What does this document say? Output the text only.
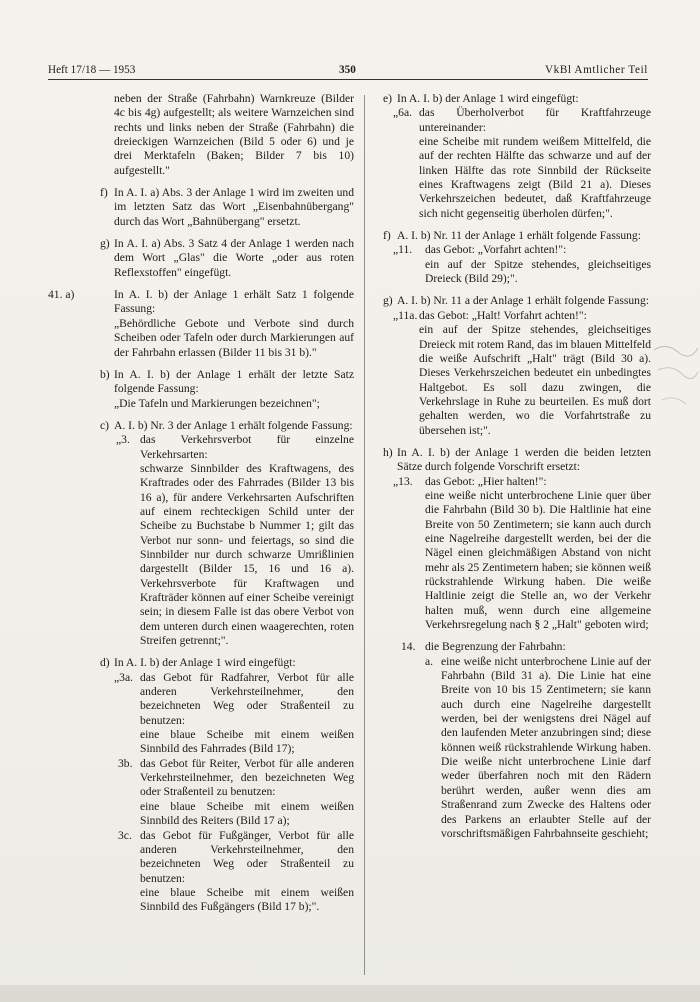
Heft 17/18 — 1953	350	VkBl Amtlicher Teil
neben der Straße (Fahrbahn) Warnkreuze (Bilder 4c bis 4g) aufgestellt; als weitere Warnzeichen sind rechts und links neben der Straße (Fahrbahn) die dreieckigen Warnzeichen (Bild 5 oder 6) und je drei Merktafeln (Baken; Bilder 7 bis 10) aufgestellt."
f) In A. I. a) Abs. 3 der Anlage 1 wird im zweiten und im letzten Satz das Wort „Eisenbahnübergang" durch das Wort „Bahnübergang" ersetzt.
g) In A. I. a) Abs. 3 Satz 4 der Anlage 1 werden nach dem Wort „Glas" die Worte „oder aus roten Reflexstoffen" eingefügt.
41. a)	In A. I. b) der Anlage 1 erhält Satz 1 folgende Fassung:
„Behördliche Gebote und Verbote sind durch Scheiben oder Tafeln oder durch Markierungen auf der Fahrbahn erlassen (Bilder 11 bis 31 b)."
b) In A. I. b) der Anlage 1 erhält der letzte Satz folgende Fassung:
„Die Tafeln und Markierungen bezeichnen";
c) A. I. b) Nr. 3 der Anlage 1 erhält folgende Fassung:
„3. das Verkehrsverbot für einzelne Verkehrsarten:
schwarze Sinnbilder des Kraftwagens, des Kraftrades oder des Fahrrades (Bilder 13 bis 16 a), für andere Verkehrsarten Aufschriften auf einem rechteckigen Schild unter der Scheibe zu Buchstabe b Nummer 1; gilt das Verbot nur sonn- und feiertags, so sind die Sinnbilder nur durch schwarze Umrißlinien dargestellt (Bilder 15, 16 und 16 a). Verkehrsverbote für Kraftwagen und Krafträder können auf einer Scheibe vereinigt sein; in diesem Falle ist das obere Verbot von dem unteren durch einen waagerechten, roten Streifen getrennt;".
d) In A. I. b) der Anlage 1 wird eingefügt:
„3a. das Gebot für Radfahrer, Verbot für alle anderen Verkehrsteilnehmer, den bezeichneten Weg oder Straßenteil zu benutzen:
eine blaue Scheibe mit einem weißen Sinnbild des Fahrrades (Bild 17);
3b. das Gebot für Reiter, Verbot für alle anderen Verkehrsteilnehmer, den bezeichneten Weg oder Straßenteil zu benutzen:
eine blaue Scheibe mit einem weißen Sinnbild des Reiters (Bild 17 a);
3c. das Gebot für Fußgänger, Verbot für alle anderen Verkehrsteilnehmer, den bezeichneten Weg oder Straßenteil zu benutzen:
eine blaue Scheibe mit einem weißen Sinnbild des Fußgängers (Bild 17 b);".
e) In A. I. b) der Anlage 1 wird eingefügt:
„6a. das Überholverbot für Kraftfahrzeuge untereinander:
eine Scheibe mit rundem weißem Mittelfeld, die auf der rechten Hälfte das schwarze und auf der linken Hälfte das rote Sinnbild der Rückseite eines Kraftwagens zeigt (Bild 21 a). Dieses Verkehrszeichen bedeutet, daß Kraftfahrzeuge sich nicht gegenseitig überholen dürfen;".
f) A. I. b) Nr. 11 der Anlage 1 erhält folgende Fassung:
„11. das Gebot: „Vorfahrt achten!":
ein auf der Spitze stehendes, gleichseitiges Dreieck (Bild 29);".
g) A. I. b) Nr. 11 a der Anlage 1 erhält folgende Fassung:
„11a. das Gebot: „Halt! Vorfahrt achten!":
ein auf der Spitze stehendes, gleichseitiges Dreieck mit rotem Rand, das im blauen Mittelfeld die weiße Aufschrift „Halt" trägt (Bild 30 a). Dieses Verkehrszeichen bedeutet ein unbedingtes Haltgebot. Es soll dazu zwingen, die Verkehrslage in Ruhe zu beurteilen. Es muß dort gehalten werden, wo die Vorfahrtstraße zu übersehen ist;".
h) In A. I. b) der Anlage 1 werden die beiden letzten Sätze durch folgende Vorschrift ersetzt:
„13. das Gebot: „Hier halten!":
eine weiße nicht unterbrochene Linie quer über die Fahrbahn (Bild 30 b). Die Haltlinie hat eine Breite von 50 Zentimetern; sie kann auch durch eine Nagelreihe dargestellt werden, bei der die Nägel einen gleichmäßigen Abstand von nicht mehr als 25 Zentimetern haben; sie können weiß rückstrahlende Wirkung haben. Die weiße Haltlinie zeigt die Stelle an, wo der Verkehr halten muß, wenn durch eine allgemeine Verkehrsregelung nach § 2 „Halt" geboten wird;
14. die Begrenzung der Fahrbahn:
a. eine weiße nicht unterbrochene Linie auf der Fahrbahn (Bild 31 a). Die Linie hat eine Breite von 10 bis 15 Zentimetern; sie kann auch durch eine Nagelreihe dargestellt werden, bei der wenigstens drei Nägel auf den laufenden Meter anzubringen sind; diese können weiß rückstrahlende Wirkung haben. Die weiße nicht unterbrochene Linie darf weder überfahren noch mit den Rädern berührt werden, außer wenn dies am Straßenrand zum Zwecke des Haltens oder des Parkens an erlaubter Stelle auf der vorschriftsmäßigen Fahrbahnseite geschieht;
